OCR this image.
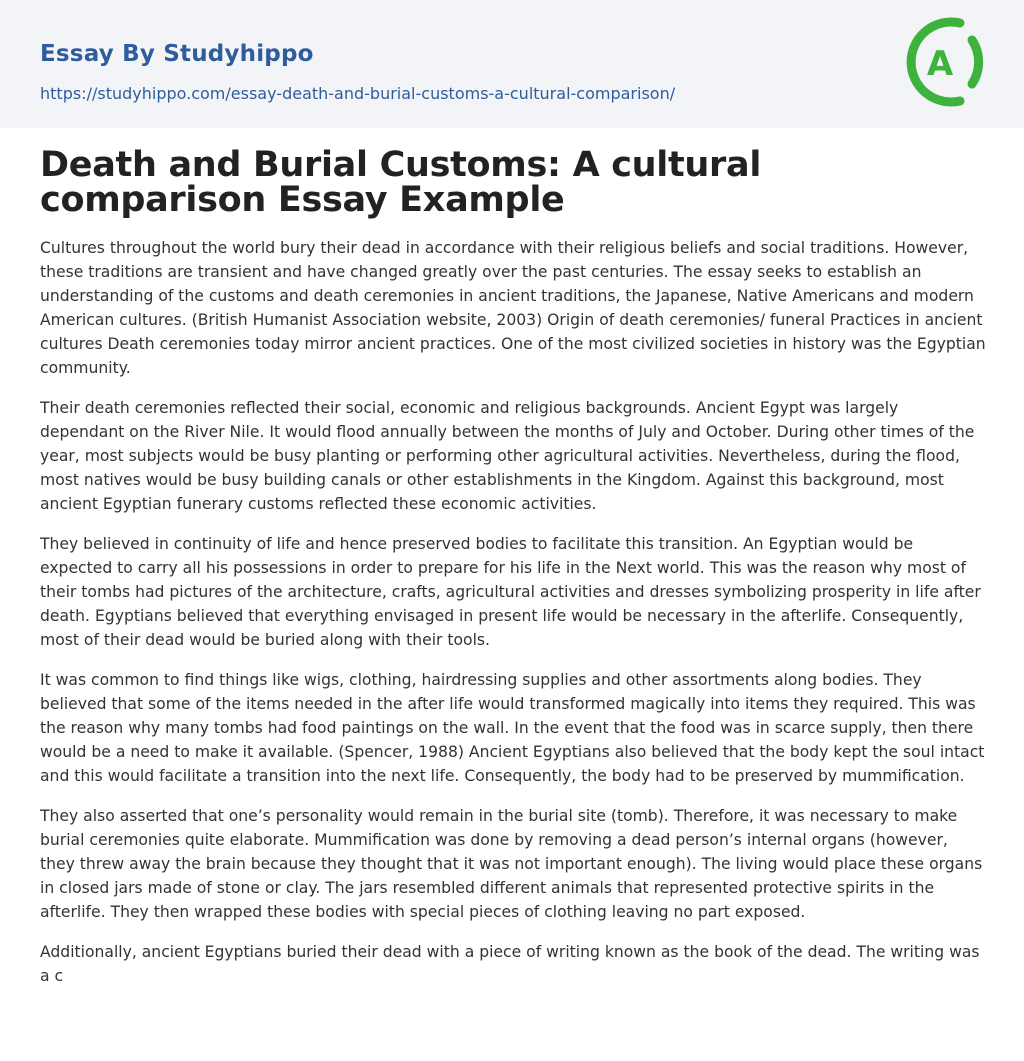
Essay By Studyhippo
https://studyhippo.com/essay-death-and-burial-customs-a-cultural-comparison/
A
Death and Burial Customs: A cultural comparison Essay Example

Cultures throughout the world bury their dead in accordance with their religious beliefs and social traditions. However, these traditions are transient and have changed greatly over the past centuries. The essay seeks to establish an understanding of the customs and death ceremonies in ancient traditions, the Japanese, Native Americans and modern American cultures. (British Humanist Association website, 2003) Origin of death ceremonies/ funeral Practices in ancient cultures Death ceremonies today mirror ancient practices. One of the most civilized societies in history was the Egyptian community.

Their death ceremonies reflected their social, economic and religious backgrounds. Ancient Egypt was largely dependant on the River Nile. It would flood annually between the months of July and October. During other times of the year, most subjects would be busy planting or performing other agricultural activities. Nevertheless, during the flood, most natives would be busy building canals or other establishments in the Kingdom. Against this background, most ancient Egyptian funerary customs reflected these economic activities.

They believed in continuity of life and hence preserved bodies to facilitate this transition. An Egyptian would be expected to carry all his possessions in order to prepare for his life in the Next world. This was the reason why most of their tombs had pictures of the architecture, crafts, agricultural activities and dresses symbolizing prosperity in life after death. Egyptians believed that everything envisaged in present life would be necessary in the afterlife. Consequently, most of their dead would be buried along with their tools.

It was common to find things like wigs, clothing, hairdressing supplies and other assortments along bodies. They believed that some of the items needed in the after life would transformed magically into items they required. This was the reason why many tombs had food paintings on the wall. In the event that the food was in scarce supply, then there would be a need to make it available. (Spencer, 1988) Ancient Egyptians also believed that the body kept the soul intact and this would facilitate a transition into the next life. Consequently, the body had to be preserved by mummification.

They also asserted that one’s personality would remain in the burial site (tomb). Therefore, it was necessary to make burial ceremonies quite elaborate. Mummification was done by removing a dead person’s internal organs (however, they threw away the brain because they thought that it was not important enough). The living would place these organs in closed jars made of stone or clay. The jars resembled different animals that represented protective spirits in the afterlife. They then wrapped these bodies with special pieces of clothing leaving no part exposed.

Additionally, ancient Egyptians buried their dead with a piece of writing known as the book of the dead. The writing was a c
